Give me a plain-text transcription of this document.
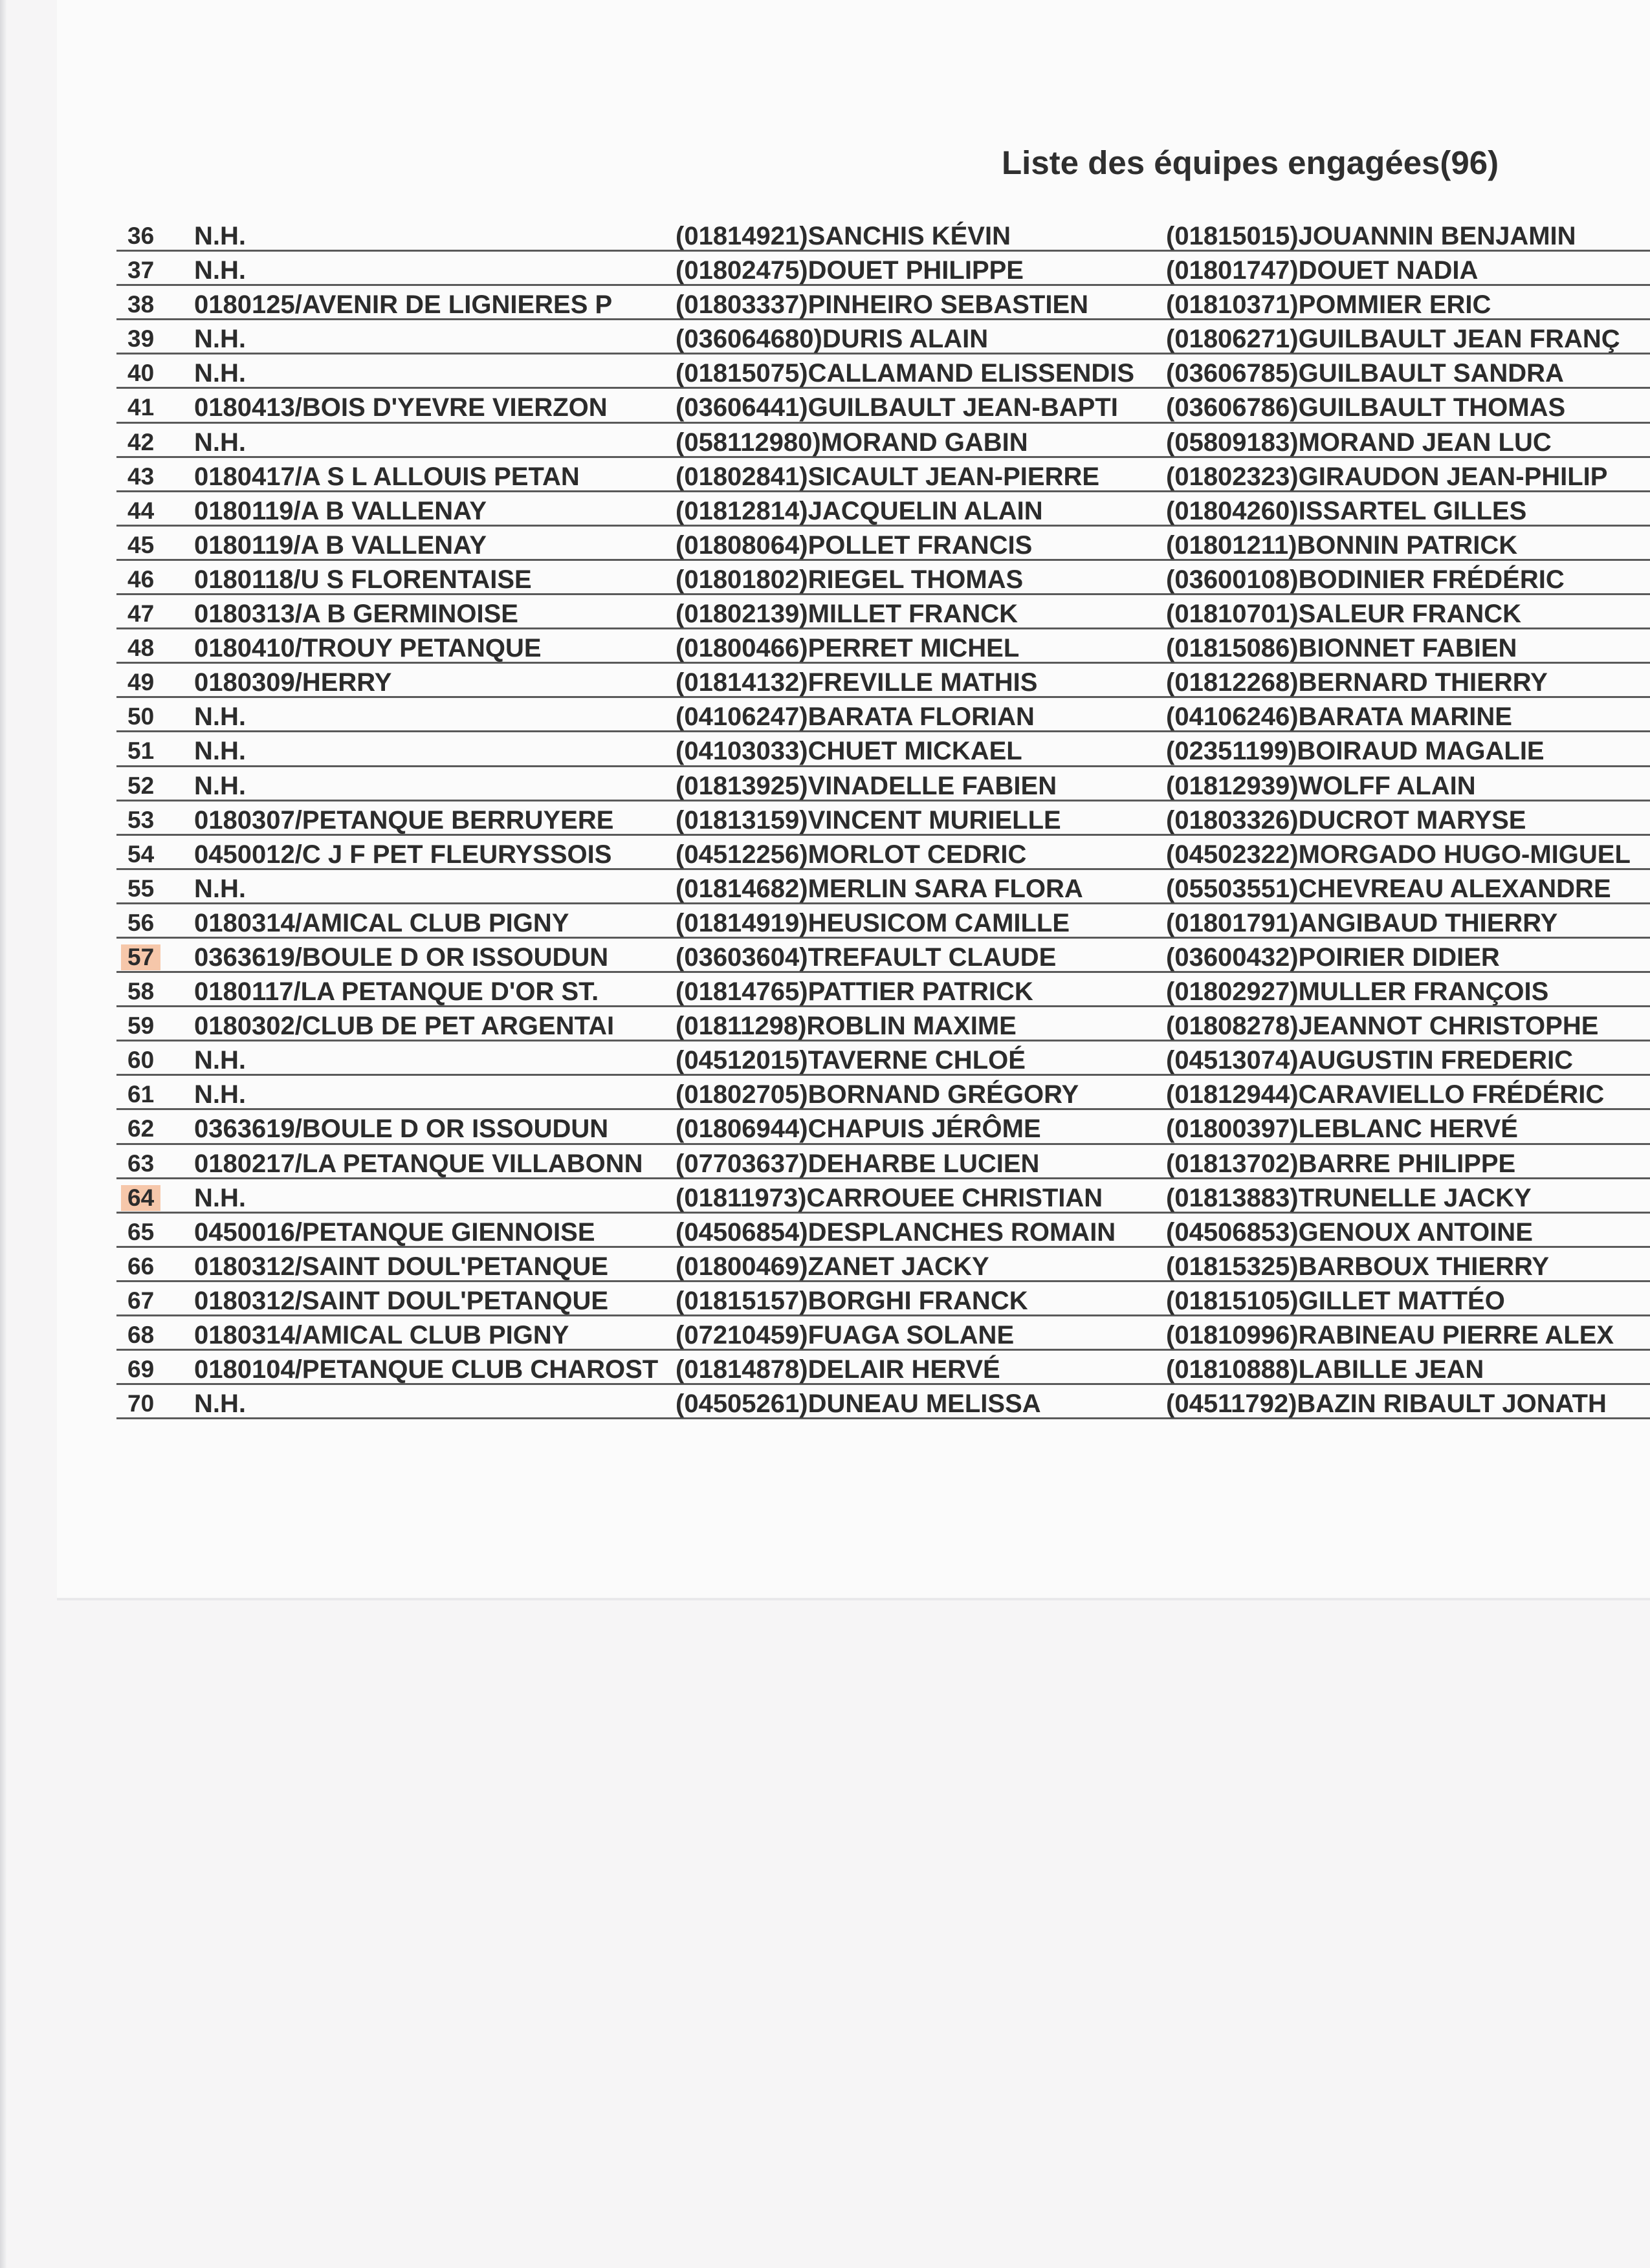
Liste des équipes engagées(96)
36 N.H.	(01814921)SANCHIS KÉVIN	(01815015)JOUANNIN BENJAMIN
37 N.H.	(01802475)DOUET PHILIPPE	(01801747)DOUET NADIA
38 0180125/AVENIR DE LIGNIERES P (01803337)PINHEIRO SEBASTIEN	(01810371)POMMIER ERIC
39 N.H.	(036064680)DURIS ALAIN	(01806271)GUILBAULT JEAN FRANÇ
40 N.H.	(01815075)CALLAMAND ELISSENDIS (03606785)GUILBAULT SANDRA
41 0180413/BOIS D'YEVRE VIERZON	(03606441)GUILBAULT JEAN-BAPTI (03606786)GUILBAULT THOMAS
42 N.H.	(058112980)MORAND GABIN	(05809183)MORAND JEAN LUC
43 0180417/A S L ALLOUIS PETAN	(01802841)SICAULT JEAN-PIERRE	(01802323)GIRAUDON JEAN-PHILIP
44 0180119/A B VALLENAY	(01812814)JACQUELIN ALAIN	(01804260)ISSARTEL GILLES
45 0180119/A B VALLENAY	(01808064)POLLET FRANCIS	(01801211)BONNIN PATRICK
46 0180118/U S FLORENTAISE	(01801802)RIEGEL THOMAS	(03600108)BODINIER FRÉDÉRIC
47 0180313/A B GERMINOISE	(01802139)MILLET FRANCK	(01810701)SALEUR FRANCK
48 0180410/TROUY PETANQUE	(01800466)PERRET MICHEL	(01815086)BIONNET FABIEN
49 0180309/HERRY	(01814132)FREVILLE MATHIS	(01812268)BERNARD THIERRY
50 N.H.	(04106247)BARATA FLORIAN	(04106246)BARATA MARINE
51 N.H.	(04103033)CHUET MICKAEL	(02351199)BOIRAUD MAGALIE
52 N.H.	(01813925)VINADELLE FABIEN	(01812939)WOLFF ALAIN
53 0180307/PETANQUE BERRUYERE (01813159)VINCENT MURIELLE	(01803326)DUCROT MARYSE
54 0450012/C J F PET FLEURYSSOIS (04512256)MORLOT CEDRIC	(04502322)MORGADO HUGO-MIGUEL
55 N.H.	(01814682)MERLIN SARA FLORA	(05503551)CHEVREAU ALEXANDRE
56 0180314/AMICAL CLUB PIGNY	(01814919)HEUSICOM CAMILLE	(01801791)ANGIBAUD THIERRY
57 0363619/BOULE D OR ISSOUDUN	(03603604)TREFAULT CLAUDE	(03600432)POIRIER DIDIER
58 0180117/LA PETANQUE D'OR ST.	(01814765)PATTIER PATRICK	(01802927)MULLER FRANÇOIS
59 0180302/CLUB DE PET ARGENTAI (01811298)ROBLIN MAXIME	(01808278)JEANNOT CHRISTOPHE
60 N.H.	(04512015)TAVERNE CHLOÉ	(04513074)AUGUSTIN FREDERIC
61 N.H.	(01802705)BORNAND GRÉGORY	(01812944)CARAVIELLO FRÉDÉRIC
62 0363619/BOULE D OR ISSOUDUN	(01806944)CHAPUIS JÉRÔME	(01800397)LEBLANC HERVÉ
63 0180217/LA PETANQUE VILLABONN (07703637)DEHARBE LUCIEN	(01813702)BARRE PHILIPPE
64 N.H.	(01811973)CARROUEE CHRISTIAN (01813883)TRUNELLE JACKY
65 0450016/PETANQUE GIENNOISE	(04506854)DESPLANCHES ROMAIN (04506853)GENOUX ANTOINE
66 0180312/SAINT DOUL'PETANQUE	(01800469)ZANET JACKY	(01815325)BARBOUX THIERRY
67 0180312/SAINT DOUL'PETANQUE	(01815157)BORGHI FRANCK	(01815105)GILLET MATTÉO
68 0180314/AMICAL CLUB PIGNY	(07210459)FUAGA SOLANE	(01810996)RABINEAU PIERRE ALEX
69 0180104/PETANQUE CLUB CHAROST (01814878)DELAIR HERVÉ	(01810888)LABILLE JEAN
70 N.H.	(04505261)DUNEAU MELISSA	(04511792)BAZIN RIBAULT JONATH
